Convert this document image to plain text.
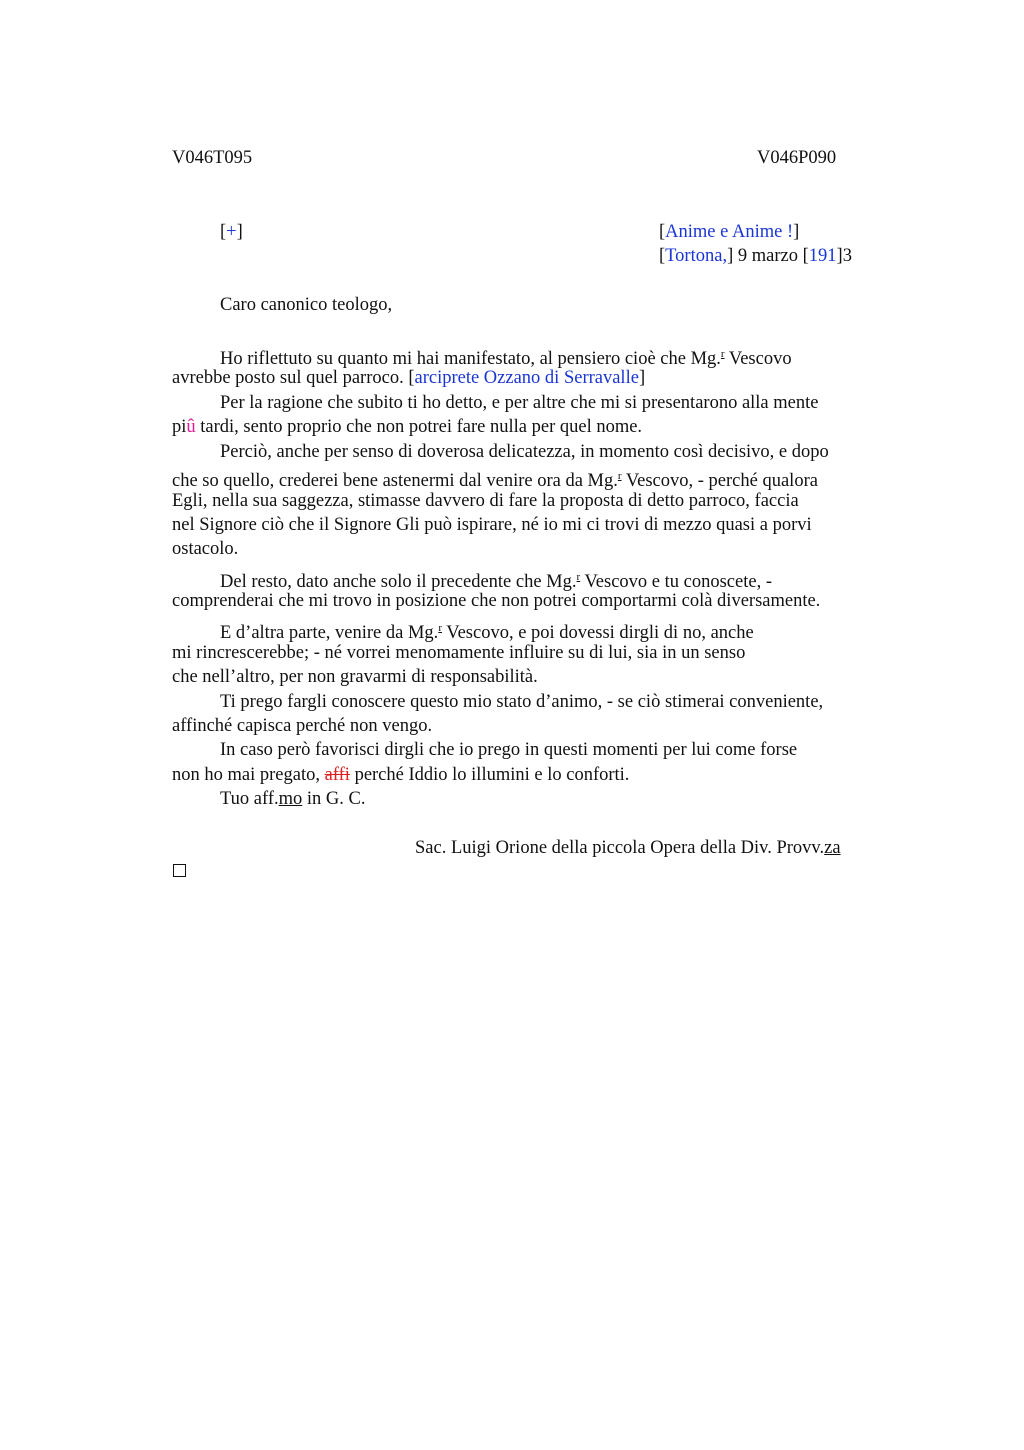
V046T095	V046P090
[+]	[Anime e Anime !]
[Tortona,] 9 marzo [191]3
Caro canonico teologo,
Ho riflettuto su quanto mi hai manifestato, al pensiero cioè che Mg.$^r$ Vescovo
avrebbe posto sul quel parroco. [arciprete Ozzano di Serravalle]
Per la ragione che subito ti ho detto, e per altre che mi si presentarono alla mente
piû tardi, sento proprio che non potrei fare nulla per quel nome.
Perciò, anche per senso di doverosa delicatezza, in momento così decisivo, e dopo
che so quello, crederei bene astenermi dal venire ora da Mg.$^r$ Vescovo, - perché qualora
Egli, nella sua saggezza, stimasse davvero di fare la proposta di detto parroco, faccia
nel Signore ciò che il Signore Gli può ispirare, né io mi ci trovi di mezzo quasi a porvi
ostacolo.
Del resto, dato anche solo il precedente che Mg.$^r$ Vescovo e tu conoscete, -
comprenderai che mi trovo in posizione che non potrei comportarmi colà diversamente.
E d’altra parte, venire da Mg.$^r$ Vescovo, e poi dovessi dirgli di no, anche
mi rincrescerebbe; - né vorrei menomamente influire su di lui, sia in un senso
che nell’altro, per non gravarmi di responsabilità.
Ti prego fargli conoscere questo mio stato d’animo, - se ciò stimerai conveniente,
affinché capisca perché non vengo.
In caso però favorisci dirgli che io prego in questi momenti per lui come forse
non ho mai pregato, affi perché Iddio lo illumini e lo conforti.
Tuo aff.mo in G. C.
Sac. Luigi Orione della piccola Opera della Div. Provv.za
